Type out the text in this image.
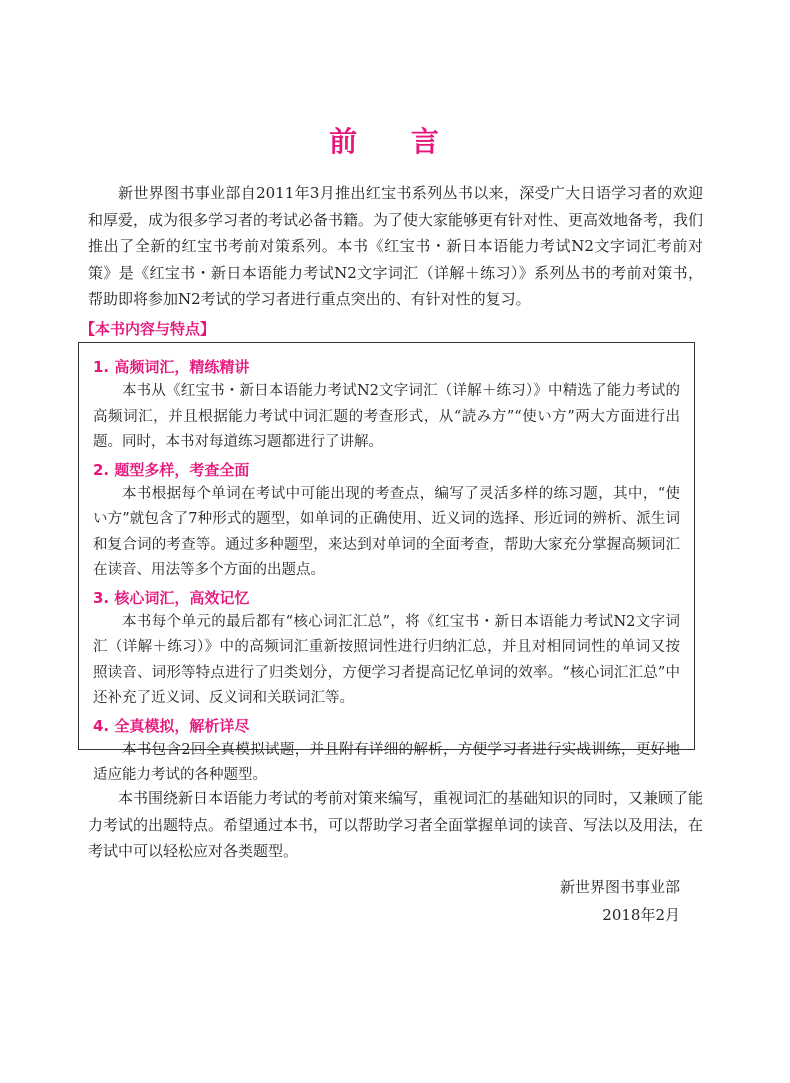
前 言

新世界图书事业部自2011年3月推出红宝书系列丛书以来，深受广大日语学习者的欢迎和厚爱，成为很多学习者的考试必备书籍。为了使大家能够更有针对性、更高效地备考，我们推出了全新的红宝书考前对策系列。本书《红宝书・新日本语能力考试N2文字词汇考前对策》是《红宝书・新日本语能力考试N2文字词汇（详解＋练习）》系列丛书的考前对策书，帮助即将参加N2考试的学习者进行重点突出的、有针对性的复习。

【本书内容与特点】
1. 高频词汇，精练精讲

本书从《红宝书・新日本语能力考试N2文字词汇（详解＋练习）》中精选了能力考试的高频词汇，并且根据能力考试中词汇题的考查形式，从“読み方”“使い方”两大方面进行出题。同时，本书对每道练习题都进行了讲解。

2. 题型多样，考查全面

本书根据每个单词在考试中可能出现的考查点，编写了灵活多样的练习题，其中，“使い方”就包含了7种形式的题型，如单词的正确使用、近义词的选择、形近词的辨析、派生词和复合词的考查等。通过多种题型，来达到对单词的全面考查，帮助大家充分掌握高频词汇在读音、用法等多个方面的出题点。

3. 核心词汇，高效记忆

本书每个单元的最后都有“核心词汇汇总”，将《红宝书・新日本语能力考试N2文字词汇（详解＋练习）》中的高频词汇重新按照词性进行归纳汇总，并且对相同词性的单词又按照读音、词形等特点进行了归类划分，方便学习者提高记忆单词的效率。“核心词汇汇总”中还补充了近义词、反义词和关联词汇等。

4. 全真模拟，解析详尽

本书包含2回全真模拟试题，并且附有详细的解析，方便学习者进行实战训练，更好地适应能力考试的各种题型。

本书围绕新日本语能力考试的考前对策来编写，重视词汇的基础知识的同时，又兼顾了能力考试的出题特点。希望通过本书，可以帮助学习者全面掌握单词的读音、写法以及用法，在考试中可以轻松应对各类题型。

新世界图书事业部
2018年2月
